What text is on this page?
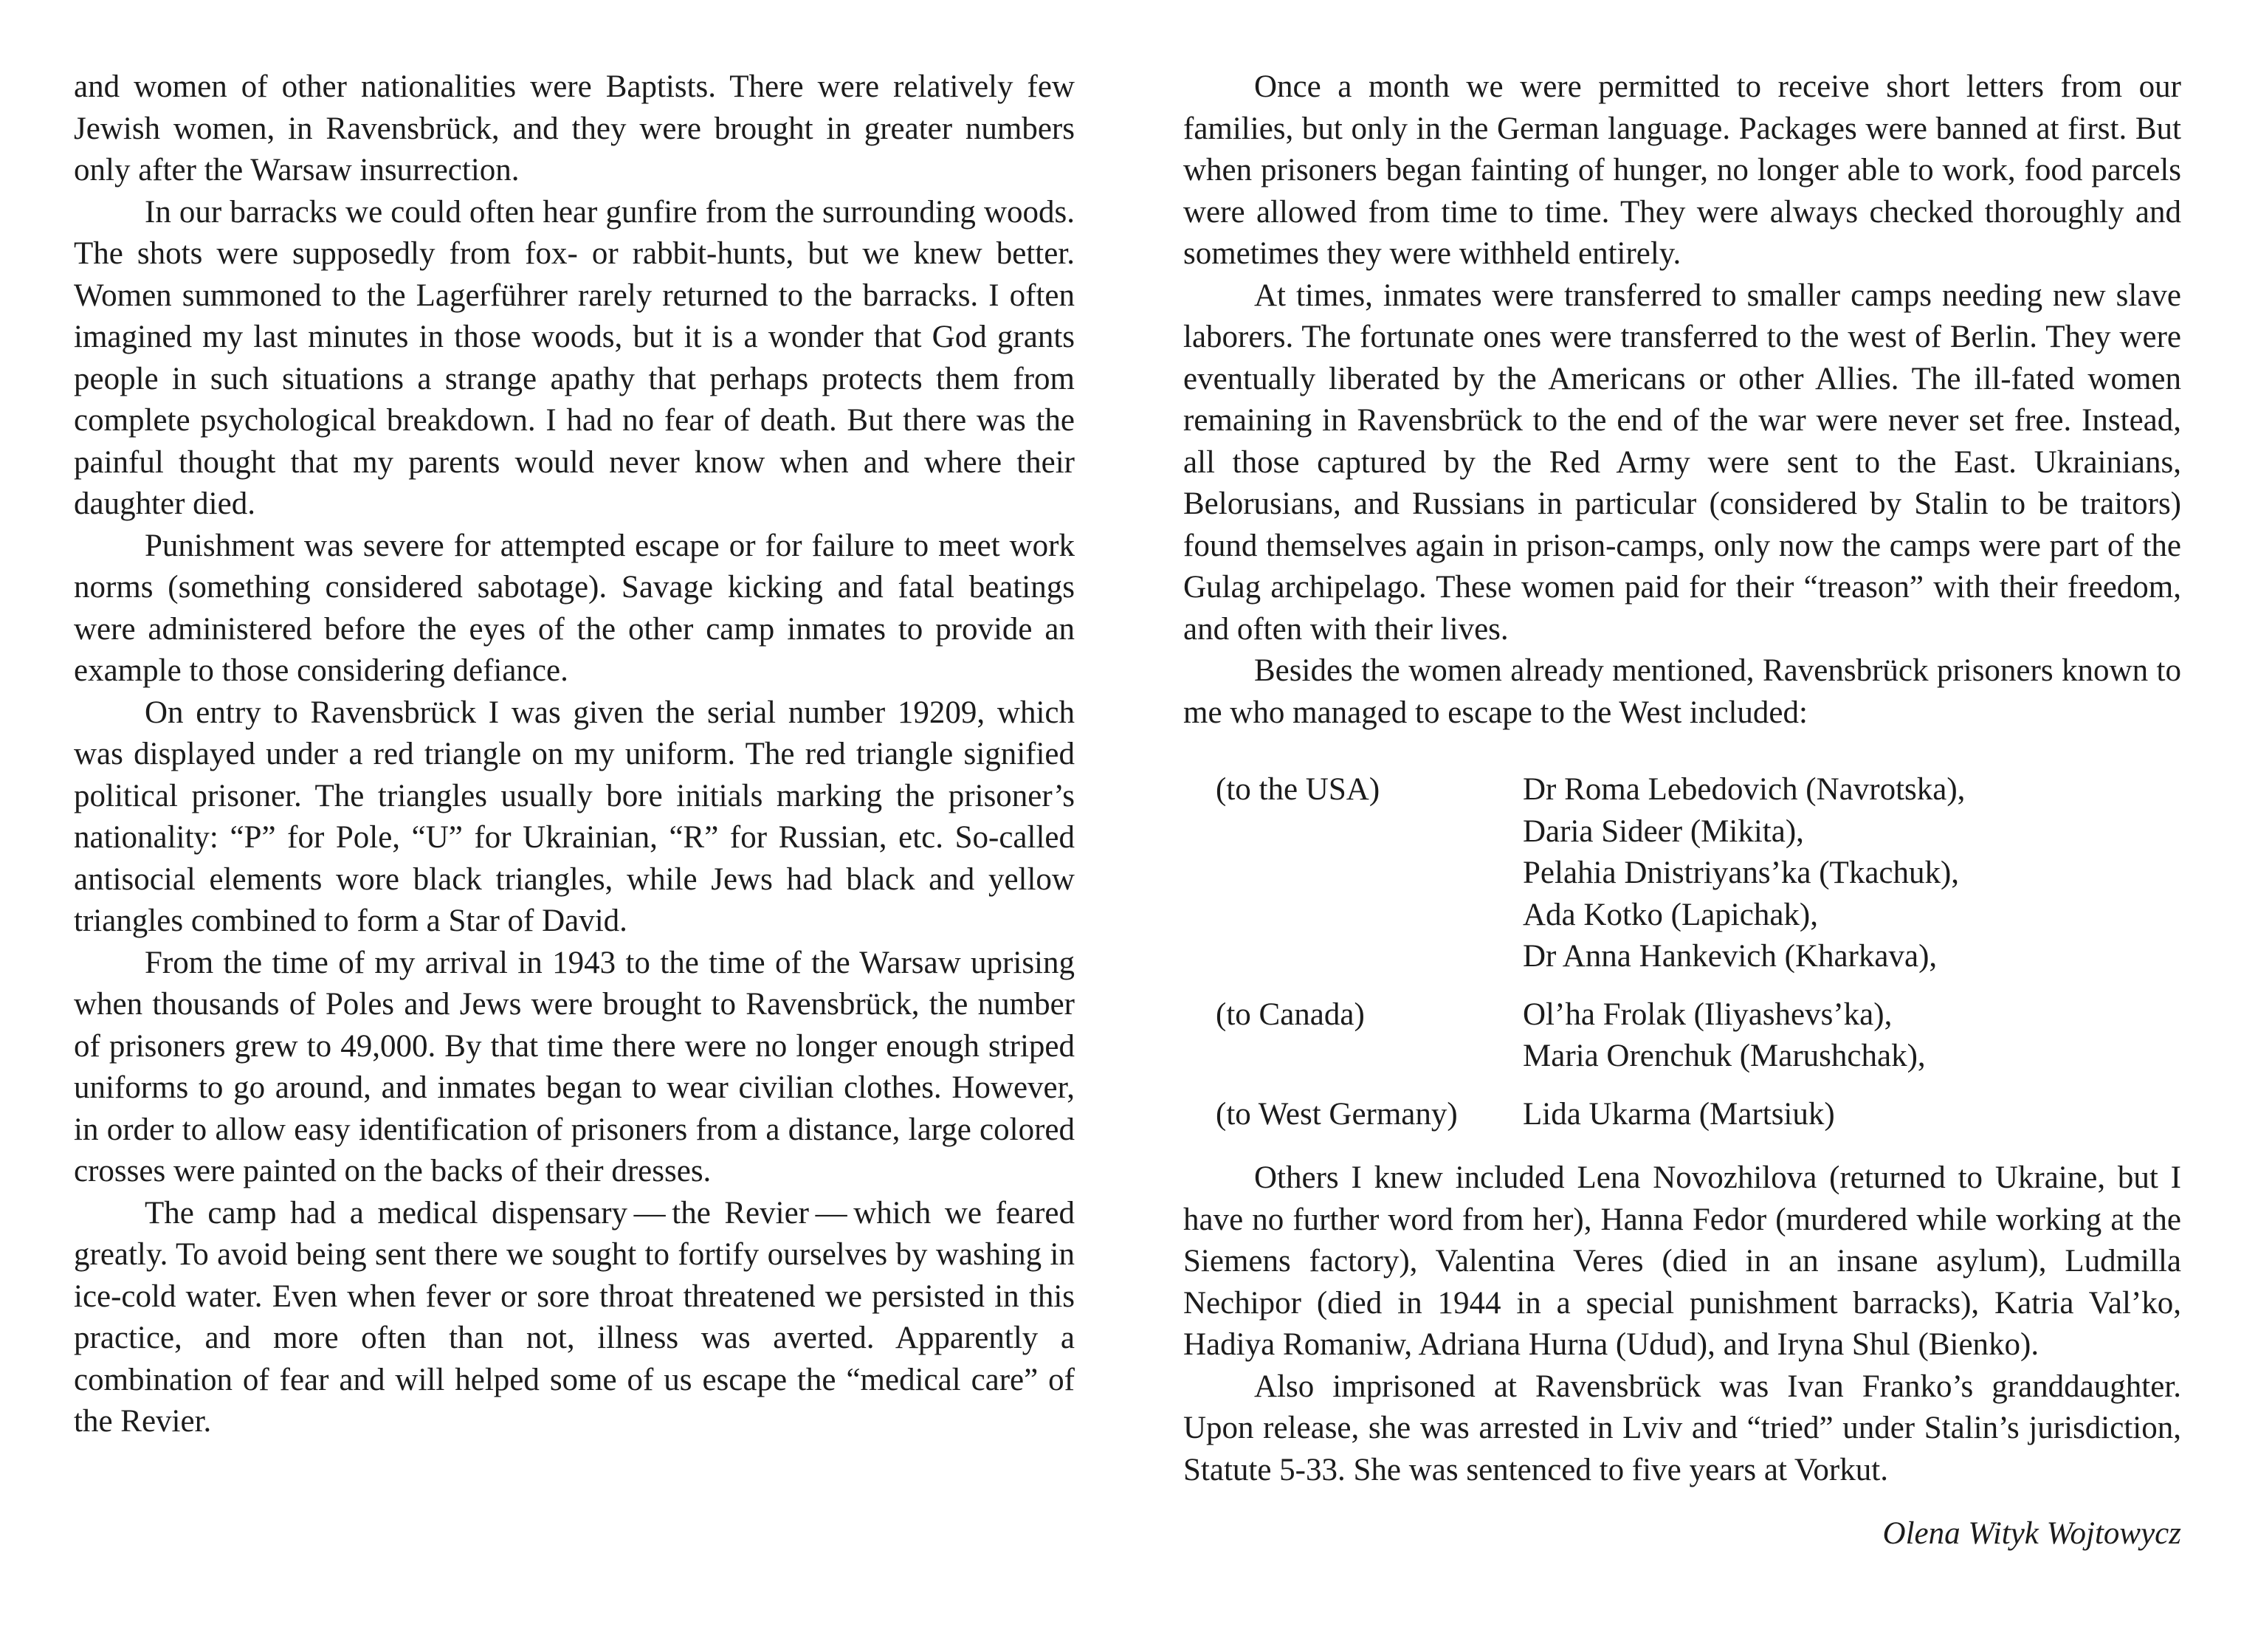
and women of other nationalities were Baptists. There were relatively few Jewish women, in Ravensbrück, and they were brought in greater numbers only after the Warsaw insurrection.

In our barracks we could often hear gunfire from the surrounding woods. The shots were supposedly from fox- or rabbit-hunts, but we knew better. Women summoned to the Lagerführer rarely returned to the barracks. I often imagined my last minutes in those woods, but it is a wonder that God grants people in such situations a strange apathy that perhaps protects them from complete psychological breakdown. I had no fear of death. But there was the painful thought that my parents would never know when and where their daughter died.

Punishment was severe for attempted escape or for failure to meet work norms (something considered sabotage). Savage kicking and fatal beatings were administered before the eyes of the other camp inmates to provide an example to those considering defiance.

On entry to Ravensbrück I was given the serial number 19209, which was displayed under a red triangle on my uniform. The red triangle signified political prisoner. The triangles usually bore initials marking the prisoner’s nationality: “P” for Pole, “U” for Ukrainian, “R” for Russian, etc. So-called antisocial elements wore black triangles, while Jews had black and yellow triangles combined to form a Star of David.

From the time of my arrival in 1943 to the time of the Warsaw uprising when thousands of Poles and Jews were brought to Ravensbrück, the number of prisoners grew to 49,000. By that time there were no longer enough striped uniforms to go around, and inmates began to wear civilian clothes. However, in order to allow easy identification of prisoners from a distance, large colored crosses were painted on the backs of their dresses.

The camp had a medical dispensary — the Revier — which we feared greatly. To avoid being sent there we sought to fortify ourselves by washing in ice-cold water. Even when fever or sore throat threatened we persisted in this practice, and more often than not, illness was averted. Apparently a combination of fear and will helped some of us escape the “medical care” of the Revier.

Once a month we were permitted to receive short letters from our families, but only in the German language. Packages were banned at first. But when prisoners began fainting of hunger, no longer able to work, food parcels were allowed from time to time. They were always checked thoroughly and sometimes they were withheld entirely.

At times, inmates were transferred to smaller camps needing new slave laborers. The fortunate ones were transferred to the west of Berlin. They were eventually liberated by the Americans or other Allies. The ill-fated women remaining in Ravensbrück to the end of the war were never set free. Instead, all those captured by the Red Army were sent to the East. Ukrainians, Belorusians, and Russians in particular (considered by Stalin to be traitors) found themselves again in prison-camps, only now the camps were part of the Gulag archipelago. These women paid for their “treason” with their freedom, and often with their lives.

Besides the women already mentioned, Ravensbrück prisoners known to me who managed to escape to the West included:

(to the USA)	Dr Roma Lebedovich (Navrotska),
Daria Sideer (Mikita),
Pelahia Dnistriyans’ka (Tkachuk),
Ada Kotko (Lapichak),
Dr Anna Hankevich (Kharkava),
(to Canada)	Ol’ha Frolak (Iliyashevs’ka),
Maria Orenchuk (Marushchak),
(to West Germany)	Lida Ukarma (Martsiuk)

Others I knew included Lena Novozhilova (returned to Ukraine, but I have no further word from her), Hanna Fedor (murdered while working at the Siemens factory), Valentina Veres (died in an insane asylum), Ludmilla Nechipor (died in 1944 in a special punishment barracks), Katria Val’ko, Hadiya Romaniw, Adriana Hurna (Udud), and Iryna Shul (Bienko).

Also imprisoned at Ravensbrück was Ivan Franko’s granddaughter. Upon release, she was arrested in Lviv and “tried” under Stalin’s jurisdiction, Statute 5-33. She was sentenced to five years at Vorkut.

Olena Wityk Wojtowycz
